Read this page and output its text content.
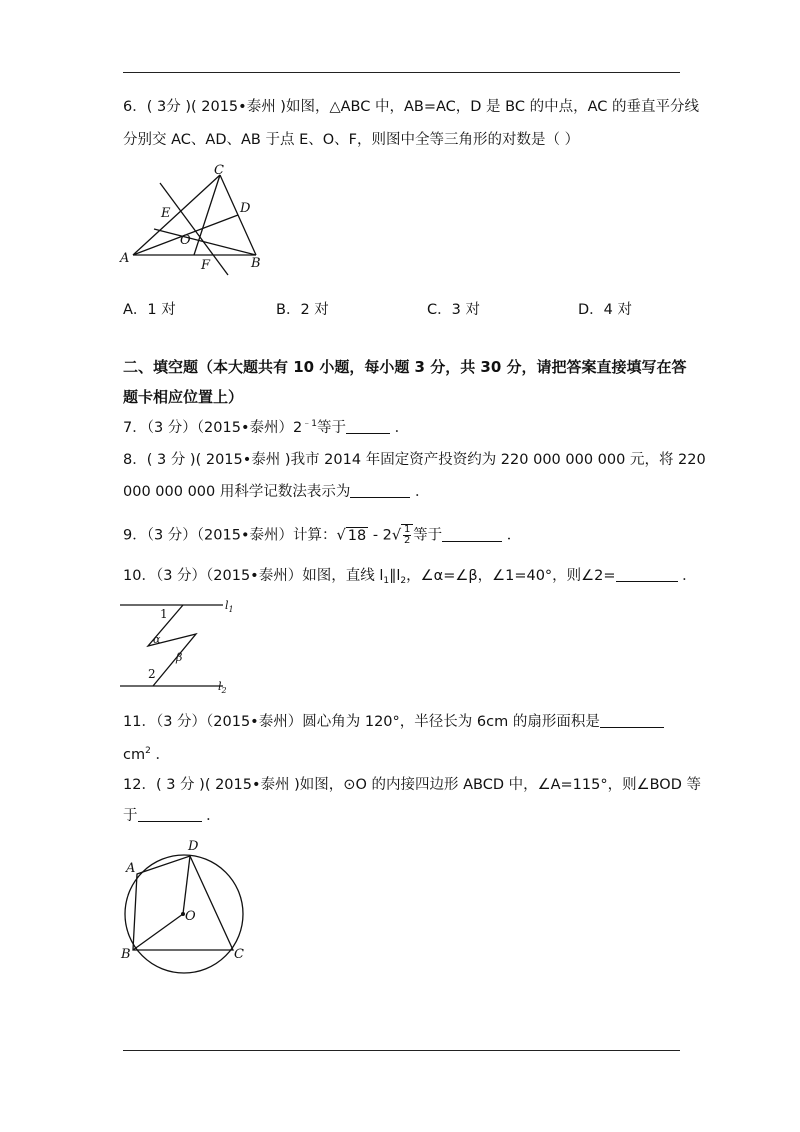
6．( 3分 )( 2015•泰州 )如图，△ABC 中，AB=AC，D 是 BC 的中点，AC 的垂直平分线
分别交 AC、AD、AB 于点 E、O、F，则图中全等三角形的对数是（ ）
C
E	D
O
A	F	B
A．1 对	B．2 对	C．3 对	D．4 对
二、填空题（本大题共有 10 小题，每小题 3 分，共 30 分，请把答案直接填写在答
题卡相应位置上）
7．（3 分）（2015•泰州）$2^{﹣1}$等于	．
8．( 3 分 )( 2015•泰州 )我市 2014 年固定资产投资约为 220 000 000 000 元，将 220
000 000 000 用科学记数法表示为	．
9．（3 分）（2015•泰州）计算：√ $18 - 2√ \frac{1}{2}$ 等于	．
10．（3 分）（2015•泰州）如图，直线 $l_1\parallel l_2$，∠α=∠β，∠1=40°，则∠2=	．
1
α
β
2
$l_1$
$l_2$
11．（3 分）（2015•泰州）圆心角为 120°，半径长为 6cm 的扇形面积是
$cm^2$ ．
12．( 3 分 )( 2015•泰州 )如图，⊙O 的内接四边形 ABCD 中，∠A=115°，则∠BOD 等
于	．
A
D
O
B	C
